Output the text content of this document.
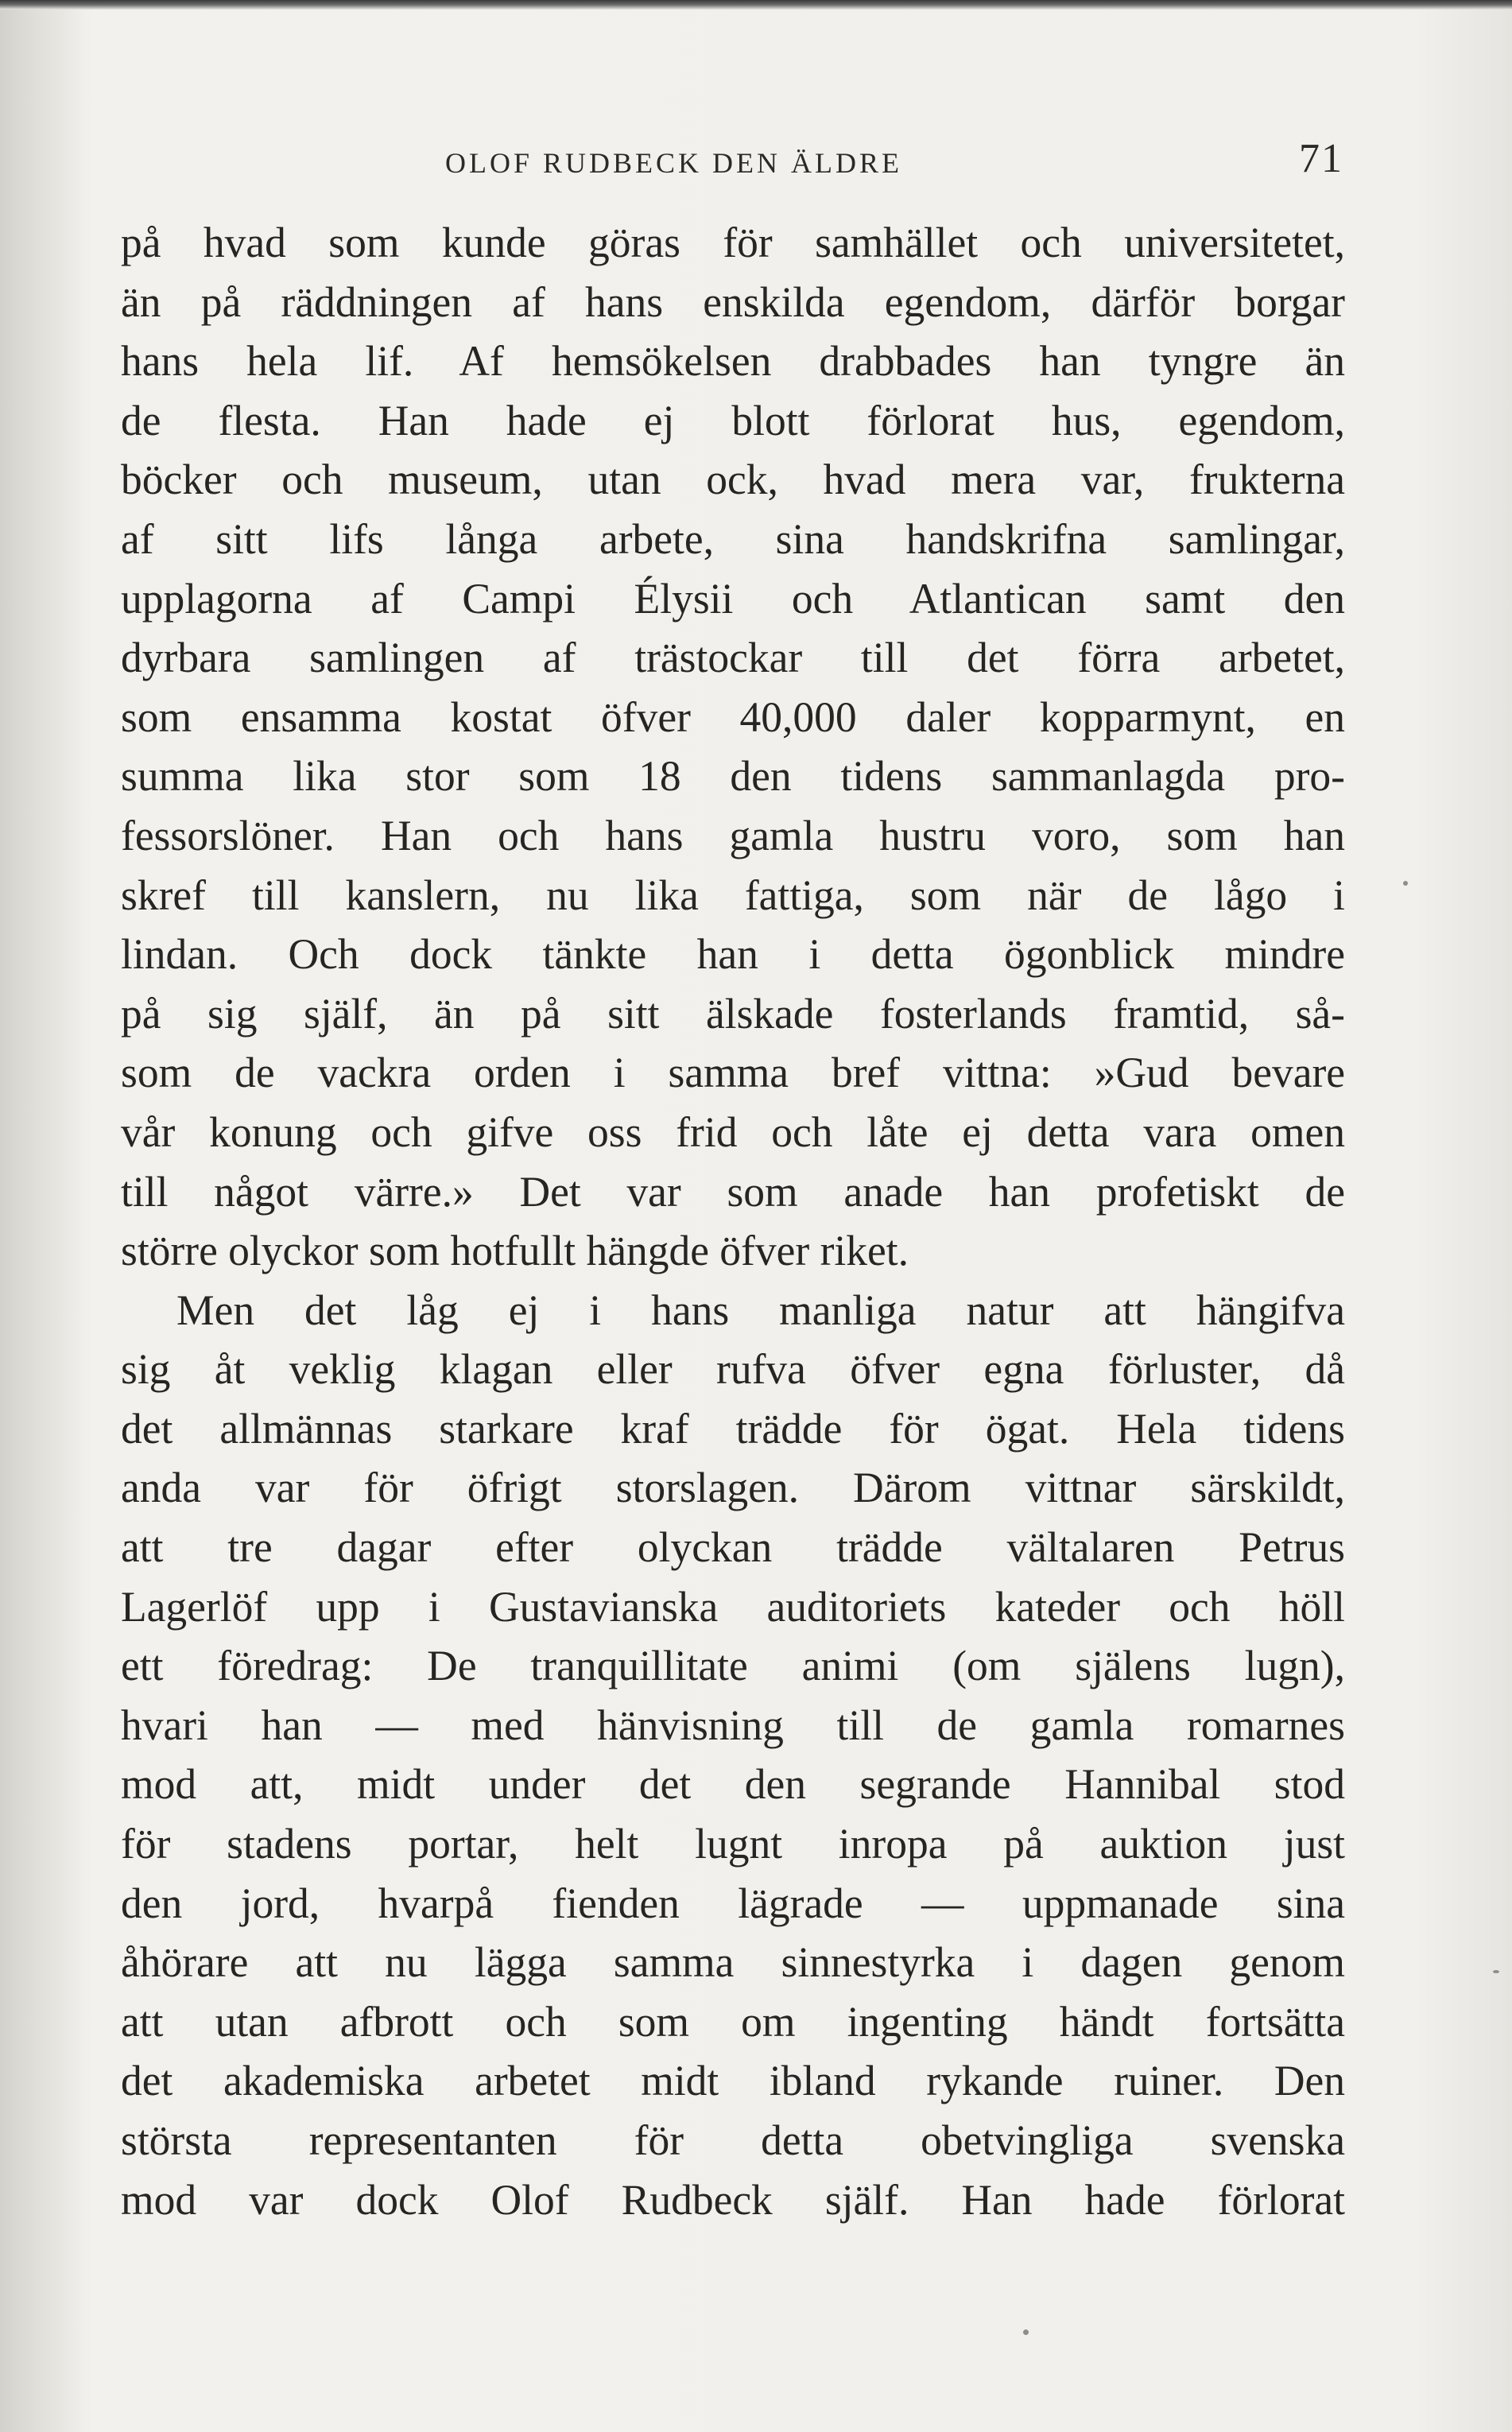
OLOF RUDBECK DEN ÄLDRE	71
på hvad som kunde göras för samhället och universitetet,
än på räddningen af hans enskilda egendom, därför borgar
hans hela lif. Af hemsökelsen drabbades han tyngre än
de flesta. Han hade ej blott förlorat hus, egendom,
böcker och museum, utan ock, hvad mera var, frukterna
af sitt lifs långa arbete, sina handskrifna samlingar,
upplagorna af Campi Élysii och Atlantican samt den
dyrbara samlingen af trästockar till det förra arbetet,
som ensamma kostat öfver 40,000 daler kopparmynt, en
summa lika stor som 18 den tidens sammanlagda pro-
fessorslöner. Han och hans gamla hustru voro, som han
skref till kanslern, nu lika fattiga, som när de lågo i
lindan. Och dock tänkte han i detta ögonblick mindre
på sig själf, än på sitt älskade fosterlands framtid, så-
som de vackra orden i samma bref vittna: »Gud bevare
vår konung och gifve oss frid och låte ej detta vara omen
till något värre.» Det var som anade han profetiskt de
större olyckor som hotfullt hängde öfver riket.
Men det låg ej i hans manliga natur att hängifva
sig åt veklig klagan eller rufva öfver egna förluster, då
det allmännas starkare kraf trädde för ögat. Hela tidens
anda var för öfrigt storslagen. Därom vittnar särskildt,
att tre dagar efter olyckan trädde vältalaren Petrus
Lagerlöf upp i Gustavianska auditoriets kateder och höll
ett föredrag: De tranquillitate animi (om själens lugn),
hvari han — med hänvisning till de gamla romarnes
mod att, midt under det den segrande Hannibal stod
för stadens portar, helt lugnt inropa på auktion just
den jord, hvarpå fienden lägrade — uppmanade sina
åhörare att nu lägga samma sinnestyrka i dagen genom
att utan afbrott och som om ingenting händt fortsätta
det akademiska arbetet midt ibland rykande ruiner. Den
största representanten för detta obetvingliga svenska
mod var dock Olof Rudbeck själf. Han hade förlorat
